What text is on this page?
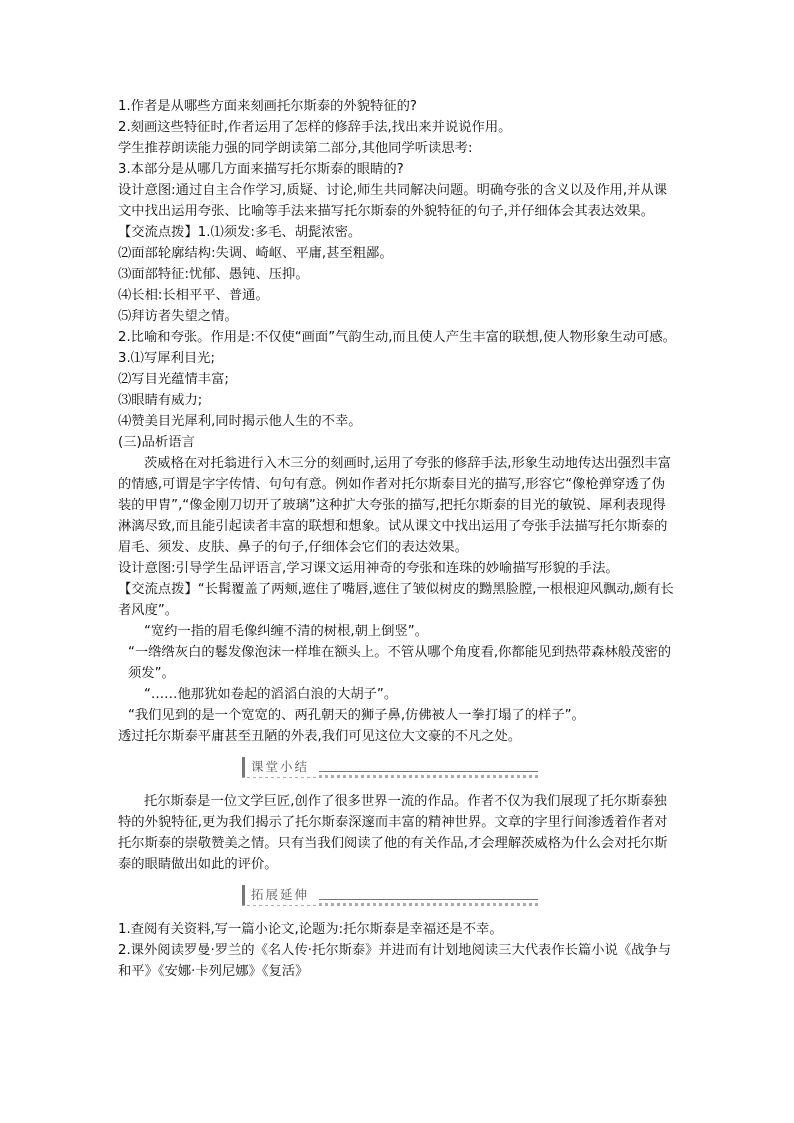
1.作者是从哪些方面来刻画托尔斯泰的外貌特征的?
2.刻画这些特征时,作者运用了怎样的修辞手法,找出来并说说作用。
学生推荐朗读能力强的同学朗读第二部分,其他同学听读思考:
3.本部分是从哪几方面来描写托尔斯泰的眼睛的?
设计意图:通过自主合作学习,质疑、讨论,师生共同解决问题。明确夸张的含义以及作用,并从课文中找出运用夸张、比喻等手法来描写托尔斯泰的外貌特征的句子,并仔细体会其表达效果。
【交流点拨】1.⑴须发:多毛、胡髭浓密。
⑵面部轮廓结构:失调、崎岖、平庸,甚至粗鄙。
⑶面部特征:忧郁、愚钝、压抑。
⑷长相:长相平平、普通。
⑸拜访者失望之情。
2.比喻和夸张。作用是:不仅使“画面”气韵生动,而且使人产生丰富的联想,使人物形象生动可感。
3.⑴写犀利目光;
⑵写目光蕴情丰富;
⑶眼睛有威力;
⑷赞美目光犀利,同时揭示他人生的不幸。
(三)品析语言
茨威格在对托翁进行入木三分的刻画时,运用了夸张的修辞手法,形象生动地传达出强烈丰富的情感,可谓是字字传情、句句有意。例如作者对托尔斯泰目光的描写,形容它“像枪弹穿透了伪装的甲胄”,“像金刚刀切开了玻璃”这种扩大夸张的描写,把托尔斯泰的目光的敏锐、犀利表现得淋漓尽致,而且能引起读者丰富的联想和想象。试从课文中找出运用了夸张手法描写托尔斯泰的眉毛、须发、皮肤、鼻子的句子,仔细体会它们的表达效果。
设计意图:引导学生品评语言,学习课文运用神奇的夸张和连珠的妙喻描写形貌的手法。
【交流点拨】“长髯覆盖了两颊,遮住了嘴唇,遮住了皱似树皮的黝黑脸膛,一根根迎风飘动,颇有长者风度”。
“宽约一指的眉毛像纠缠不清的树根,朝上倒竖”。
“一绺绺灰白的鬈发像泡沫一样堆在额头上。不管从哪个角度看,你都能见到热带森林般茂密的须发”。
“……他那犹如卷起的滔滔白浪的大胡子”。
“我们见到的是一个宽宽的、两孔朝天的狮子鼻,仿佛被人一拳打塌了的样子”。
透过托尔斯泰平庸甚至丑陋的外表,我们可见这位大文豪的不凡之处。
课堂小结
托尔斯泰是一位文学巨匠,创作了很多世界一流的作品。作者不仅为我们展现了托尔斯泰独特的外貌特征,更为我们揭示了托尔斯泰深邃而丰富的精神世界。文章的字里行间渗透着作者对托尔斯泰的崇敬赞美之情。只有当我们阅读了他的有关作品,才会理解茨威格为什么会对托尔斯泰的眼睛做出如此的评价。
拓展延伸
1.查阅有关资料,写一篇小论文,论题为:托尔斯泰是幸福还是不幸。
2.课外阅读罗曼·罗兰的《名人传·托尔斯泰》并进而有计划地阅读三大代表作长篇小说《战争与和平》《安娜·卡列尼娜》《复活》
